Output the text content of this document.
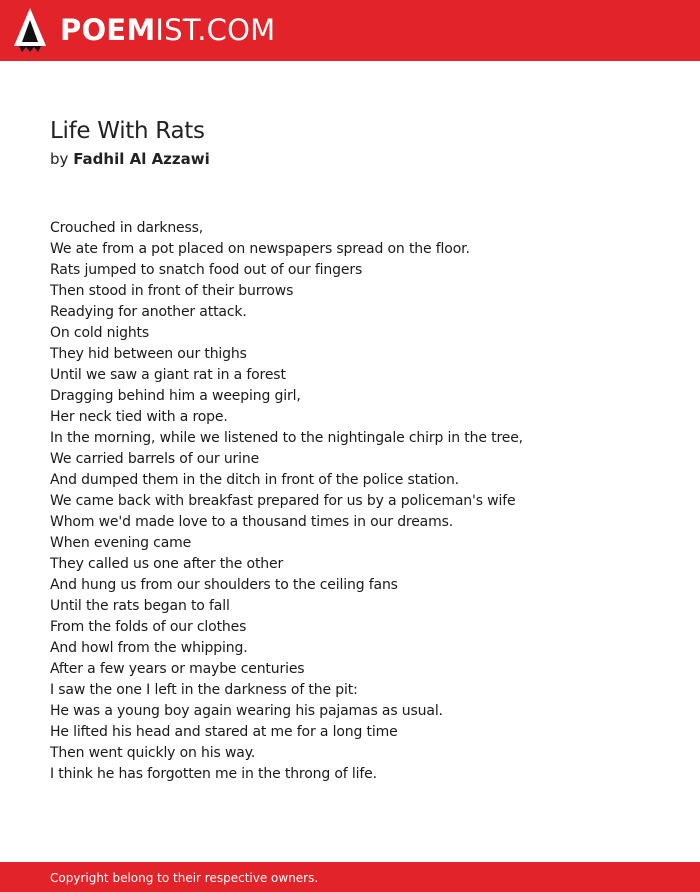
POEMIST.COM
Life With Rats
by Fadhil Al Azzawi
Crouched in darkness,
We ate from a pot placed on newspapers spread on the floor.
Rats jumped to snatch food out of our fingers
Then stood in front of their burrows
Readying for another attack.
On cold nights
They hid between our thighs
Until we saw a giant rat in a forest
Dragging behind him a weeping girl,
Her neck tied with a rope.
In the morning, while we listened to the nightingale chirp in the tree,
We carried barrels of our urine
And dumped them in the ditch in front of the police station.
We came back with breakfast prepared for us by a policeman's wife
Whom we'd made love to a thousand times in our dreams.
When evening came
They called us one after the other
And hung us from our shoulders to the ceiling fans
Until the rats began to fall
From the folds of our clothes
And howl from the whipping.
After a few years or maybe centuries
I saw the one I left in the darkness of the pit:
He was a young boy again wearing his pajamas as usual.
He lifted his head and stared at me for a long time
Then went quickly on his way.
I think he has forgotten me in the throng of life.
Copyright belong to their respective owners.
